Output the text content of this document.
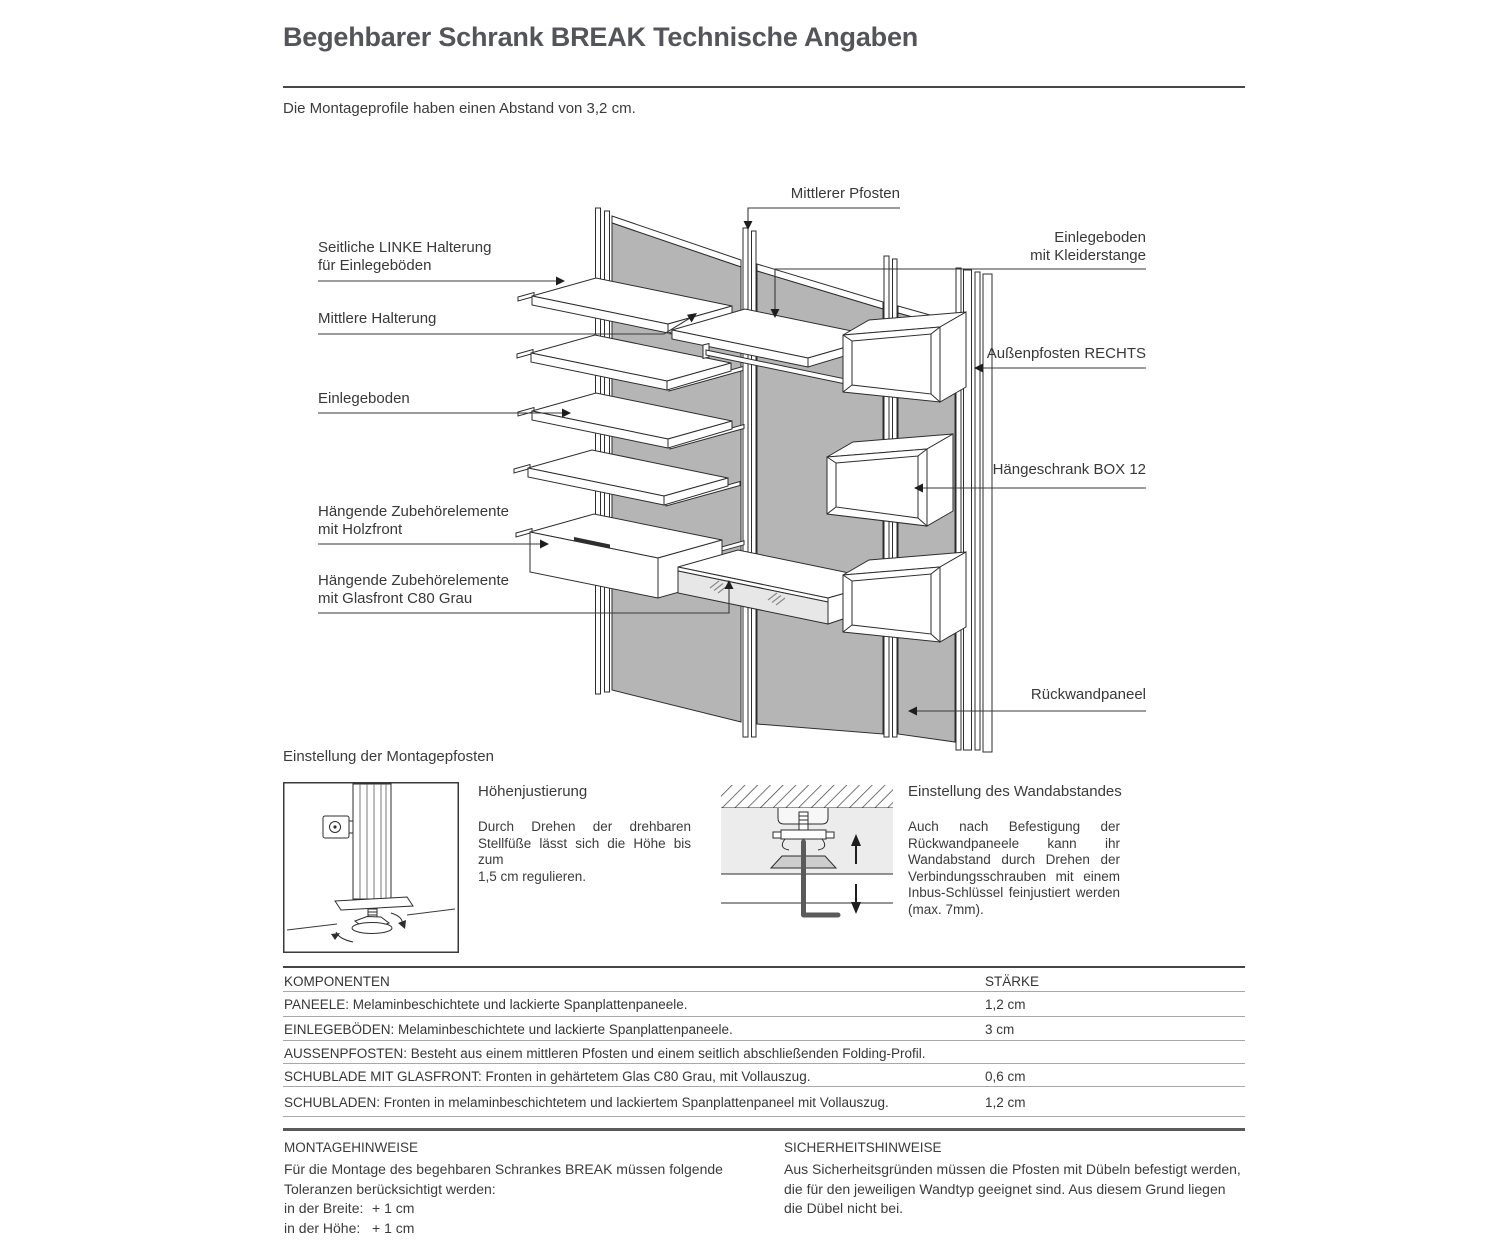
Begehbarer Schrank BREAK Technische Angaben
Die Montageprofile haben einen Abstand von 3,2 cm.
Mittlerer Pfosten
Seitliche LINKE Halterung
für Einlegeböden
Mittlere Halterung
Einlegeboden
Hängende Zubehörelemente
mit Holzfront
Hängende Zubehörelemente
mit Glasfront C80 Grau
Einlegeboden
mit Kleiderstange
Außenpfosten RECHTS
Hängeschrank BOX 12
Rückwandpaneel
Einstellung der Montagepfosten
Höhenjustierung
Durch Drehen der drehbaren
Stellfüße lässt sich die Höhe bis zum
1,5 cm regulieren.
Einstellung des Wandabstandes
Auch nach Befestigung der
Rückwandpaneele kann ihr
Wandabstand durch Drehen der
Verbindungsschrauben mit einem
Inbus-Schlüssel feinjustiert werden
(max. 7mm).
KOMPONENTEN	STÄRKE
PANEELE: Melaminbeschichtete und lackierte Spanplattenpaneele.	1,2 cm
EINLEGEBÖDEN: Melaminbeschichtete und lackierte Spanplattenpaneele.	3 cm
AUSSENPFOSTEN: Besteht aus einem mittleren Pfosten und einem seitlich abschließenden Folding-Profil.
SCHUBLADE MIT GLASFRONT: Fronten in gehärtetem Glas C80 Grau, mit Vollauszug.	0,6 cm
SCHUBLADEN: Fronten in melaminbeschichtetem und lackiertem Spanplattenpaneel mit Vollauszug.	1,2 cm
MONTAGEHINWEISE
Für die Montage des begehbaren Schrankes BREAK müssen folgende
Toleranzen berücksichtigt werden:
in der Breite: + 1 cm
in der Höhe: + 1 cm
SICHERHEITSHINWEISE
Aus Sicherheitsgründen müssen die Pfosten mit Dübeln befestigt werden,
die für den jeweiligen Wandtyp geeignet sind. Aus diesem Grund liegen
die Dübel nicht bei.
